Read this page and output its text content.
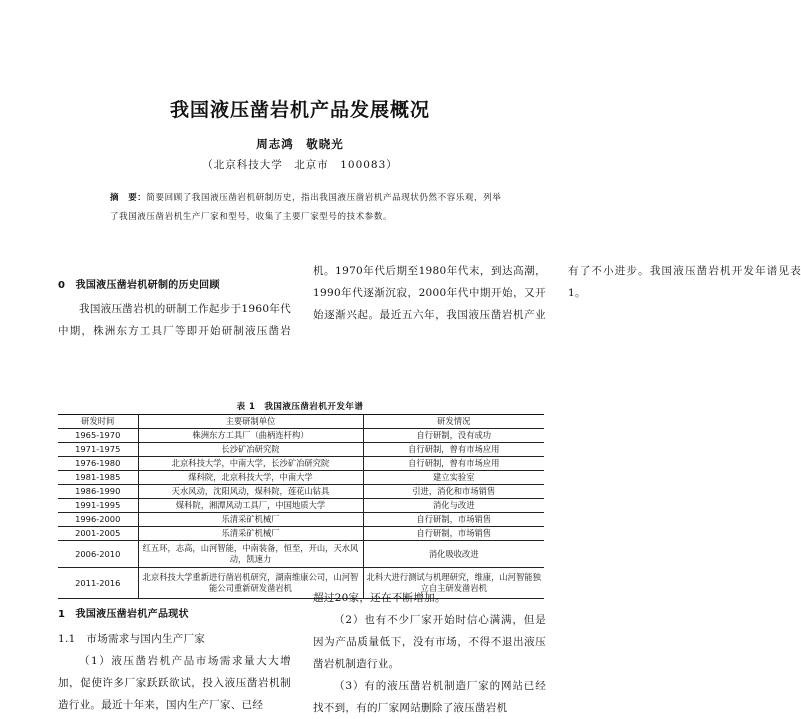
我国液压凿岩机产品发展概况
周志鸿　敬晓光
（北京科技大学　北京市　100083）
摘　要：简要回顾了我国液压凿岩机研制历史，指出我国液压凿岩机产品现状仍然不容乐观，列举了我国液压凿岩机生产厂家和型号，收集了主要厂家型号的技术参数。
0　我国液压凿岩机研制的历史回顾

我国液压凿岩机的研制工作起步于1960年代中期，株洲东方工具厂等即开始研制液压凿岩机。1970年代后期至1980年代末，到达高潮，1990年代逐渐沉寂，2000年代中期开始，又开始逐渐兴起。最近五六年，我国液压凿岩机产业有了不小进步。我国液压凿岩机开发年谱见表1。

表 1　我国液压凿岩机开发年谱
研发时间	主要研制单位	研发情况
1965-1970	株洲东方工具厂（曲柄连杆构）	自行研制，没有成功
1971-1975	长沙矿冶研究院	自行研制，曾有市场应用
1976-1980	北京科技大学，中南大学，长沙矿冶研究院	自行研制，曾有市场应用
1981-1985	煤科院，北京科技大学，中南大学	建立实验室
1986-1990	天水风动，沈阳风动，煤科院，莲花山钻具	引进，消化和市场销售
1991-1995	煤科院，湘潭风动工具厂，中国地质大学	消化与改进
1996-2000	乐清采矿机械厂	自行研制，市场销售
2001-2005	乐清采矿机械厂	自行研制，市场销售
2006-2010	红五环，志高，山河智能，中南装备，恒至，开山，天水风动，凯速力	消化吸收改进
2011-2016	北京科技大学重新进行凿岩机研究，湖南维康公司，山河智能公司重新研发凿岩机	北科大进行测试与机理研究，维康，山河智能独立自主研发凿岩机
1　我国液压凿岩机产品现状
1.1　市场需求与国内生产厂家

（1）液压凿岩机产品市场需求量大大增加，促使许多厂家跃跃欲试，投入液压凿岩机制造行业。最近十年来，国内生产厂家、已经

超过20家，还在不断增加。

（2）也有不少厂家开始时信心满满，但是因为产品质量低下，没有市场，不得不退出液压凿岩机制造行业。

（3）有的液压凿岩机制造厂家的网站已经找不到，有的厂家网站删除了液压凿岩机
